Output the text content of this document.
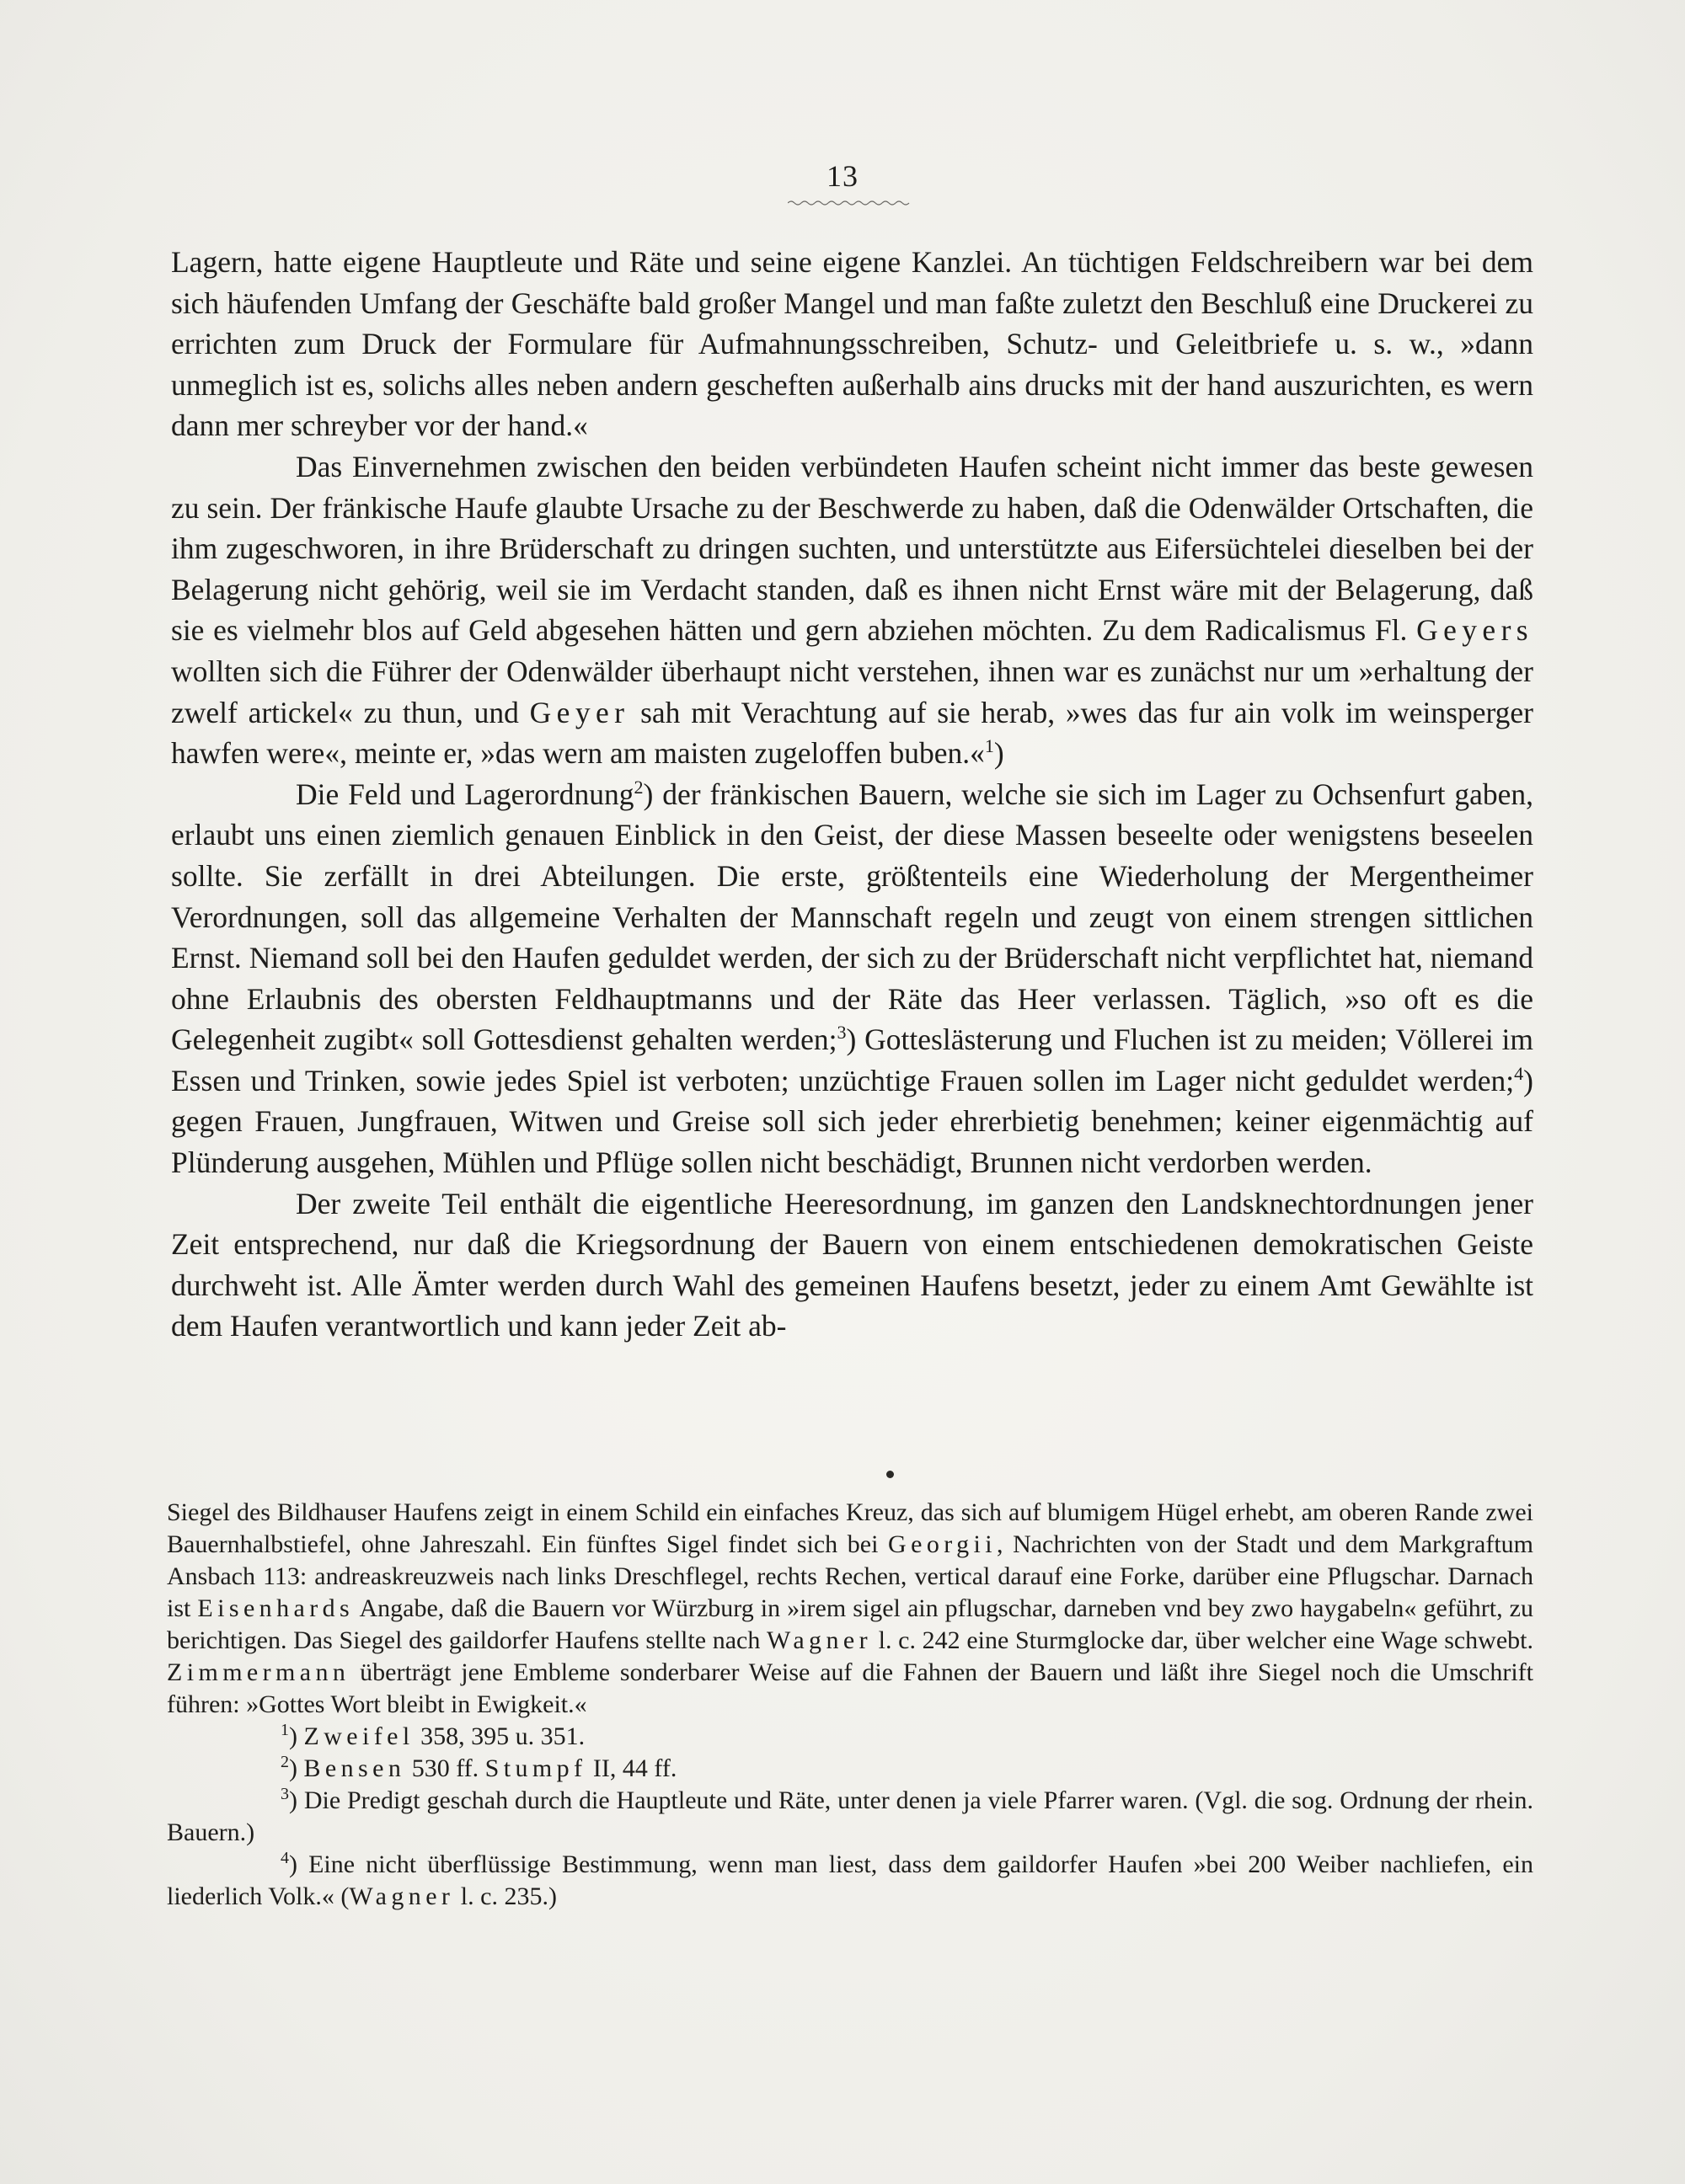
13

Lagern, hatte eigene Hauptleute und Räte und seine eigene Kanzlei. An tüchtigen Feldschreibern war bei dem sich häufenden Umfang der Geschäfte bald großer Mangel und man faßte zuletzt den Beschluß eine Druckerei zu errichten zum Druck der Formulare für Aufmahnungsschreiben, Schutz- und Geleitbriefe u. s. w., »dann unmeglich ist es, solichs alles neben andern gescheften außerhalb ains drucks mit der hand auszurichten, es wern dann mer schreyber vor der hand.«

Das Einvernehmen zwischen den beiden verbündeten Haufen scheint nicht immer das beste gewesen zu sein. Der fränkische Haufe glaubte Ursache zu der Beschwerde zu haben, daß die Odenwälder Ortschaften, die ihm zugeschworen, in ihre Brüderschaft zu dringen suchten, und unterstützte aus Eifersüchtelei dieselben bei der Belagerung nicht gehörig, weil sie im Verdacht standen, daß es ihnen nicht Ernst wäre mit der Belagerung, daß sie es vielmehr blos auf Geld abgesehen hätten und gern abziehen möchten. Zu dem Radicalismus Fl. Geyers wollten sich die Führer der Odenwälder überhaupt nicht verstehen, ihnen war es zunächst nur um »erhaltung der zwelf artickel« zu thun, und Geyer sah mit Verachtung auf sie herab, »wes das fur ain volk im weinsperger hawfen were«, meinte er, »das wern am maisten zugeloffen buben.«$^1$)

Die Feld und Lagerordnung$^2$) der fränkischen Bauern, welche sie sich im Lager zu Ochsenfurt gaben, erlaubt uns einen ziemlich genauen Einblick in den Geist, der diese Massen beseelte oder wenigstens beseelen sollte. Sie zerfällt in drei Abteilungen. Die erste, größtenteils eine Wiederholung der Mergentheimer Verordnungen, soll das allgemeine Verhalten der Mannschaft regeln und zeugt von einem strengen sittlichen Ernst. Niemand soll bei den Haufen geduldet werden, der sich zu der Brüderschaft nicht verpflichtet hat, niemand ohne Erlaubnis des obersten Feldhauptmanns und der Räte das Heer verlassen. Täglich, »so oft es die Gelegenheit zugibt« soll Gottesdienst gehalten werden;$^3$) Gotteslästerung und Fluchen ist zu meiden; Völlerei im Essen und Trinken, sowie jedes Spiel ist verboten; unzüchtige Frauen sollen im Lager nicht geduldet werden;$^4$) gegen Frauen, Jungfrauen, Witwen und Greise soll sich jeder ehrerbietig benehmen; keiner eigenmächtig auf Plünderung ausgehen, Mühlen und Pflüge sollen nicht beschädigt, Brunnen nicht verdorben werden.

Der zweite Teil enthält die eigentliche Heeresordnung, im ganzen den Landsknechtordnungen jener Zeit entsprechend, nur daß die Kriegsordnung der Bauern von einem entschiedenen demokratischen Geiste durchweht ist. Alle Ämter werden durch Wahl des gemeinen Haufens besetzt, jeder zu einem Amt Gewählte ist dem Haufen verantwortlich und kann jeder Zeit ab-

Siegel des Bildhauser Haufens zeigt in einem Schild ein einfaches Kreuz, das sich auf blumigem Hügel erhebt, am oberen Rande zwei Bauernhalbstiefel, ohne Jahreszahl. Ein fünftes Sigel findet sich bei Georgii, Nachrichten von der Stadt und dem Markgraftum Ansbach 113: andreaskreuzweis nach links Dreschflegel, rechts Rechen, vertical darauf eine Forke, darüber eine Pflugschar. Darnach ist Eisenhards Angabe, daß die Bauern vor Würzburg in »irem sigel ain pflugschar, darneben vnd bey zwo haygabeln« geführt, zu berichtigen. Das Siegel des gaildorfer Haufens stellte nach Wagner l. c. 242 eine Sturmglocke dar, über welcher eine Wage schwebt. Zimmermann überträgt jene Embleme sonderbarer Weise auf die Fahnen der Bauern und läßt ihre Siegel noch die Umschrift führen: »Gottes Wort bleibt in Ewigkeit.«

$^1$) Zweifel 358, 395 u. 351.

$^2$) Bensen 530 ff. Stumpf II, 44 ff.

$^3$) Die Predigt geschah durch die Hauptleute und Räte, unter denen ja viele Pfarrer waren. (Vgl. die sog. Ordnung der rhein. Bauern.)

$^4$) Eine nicht überflüssige Bestimmung, wenn man liest, dass dem gaildorfer Haufen »bei 200 Weiber nachliefen, ein liederlich Volk.« (Wagner l. c. 235.)
